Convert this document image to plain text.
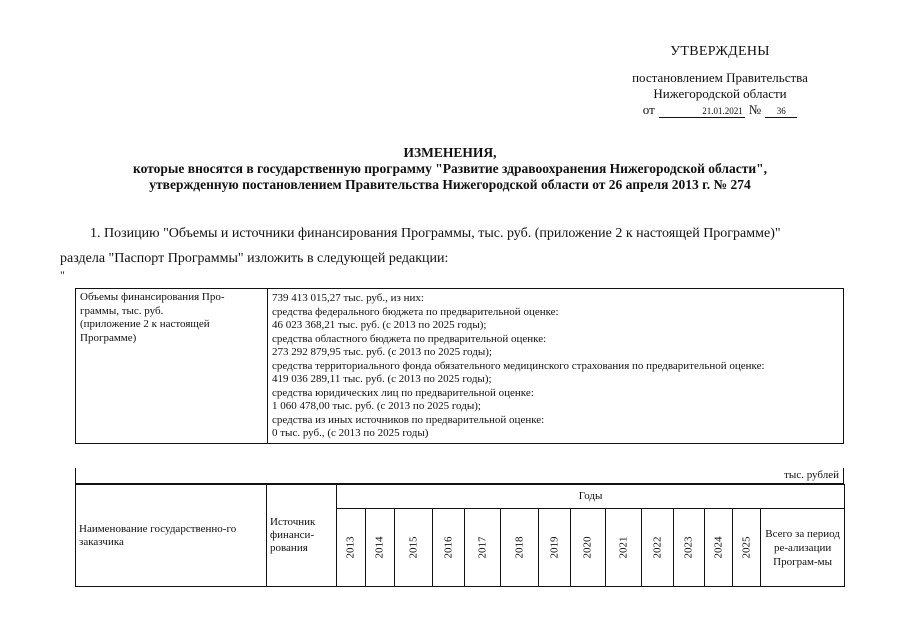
УТВЕРЖДЕНЫ
постановлением Правительства
Нижегородской области
от	21.01.2021 №	36
ИЗМЕНЕНИЯ,
которые вносятся в государственную программу "Развитие здравоохранения Нижегородской области",
утвержденную постановлением Правительства Нижегородской области от 26 апреля 2013 г. № 274
1. Позицию "Объемы и источники финансирования Программы, тыс. руб. (приложение 2 к настоящей Программе)"
раздела "Паспорт Программы" изложить в следующей редакции:
"
Объемы финансирования Про-
граммы, тыс. руб.
(приложение 2 к настоящей
Программе)

739 413 015,27 тыс. руб., из них:
средства федерального бюджета по предварительной оценке:
46 023 368,21 тыс. руб. (с 2013 по 2025 годы);
средства областного бюджета по предварительной оценке:
273 292 879,95 тыс. руб. (с 2013 по 2025 годы);
средства территориального фонда обязательного медицинского страхования по предварительной оценке:
419 036 289,11 тыс. руб. (с 2013 по 2025 годы);
средства юридических лиц по предварительной оценке:
1 060 478,00 тыс. руб. (с 2013 по 2025 годы);
средства из иных источников по предварительной оценке:
0 тыс. руб., (с 2013 по 2025 годы)
тыс. рублей
Наименование государственно-го заказчика	Источник финанси-рования	Годы													
		2013	2014	2015	2016	2017	2018	2019	2020	2021	2022	2023	2024	2025	Всего за период ре-ализации Програм-мы
